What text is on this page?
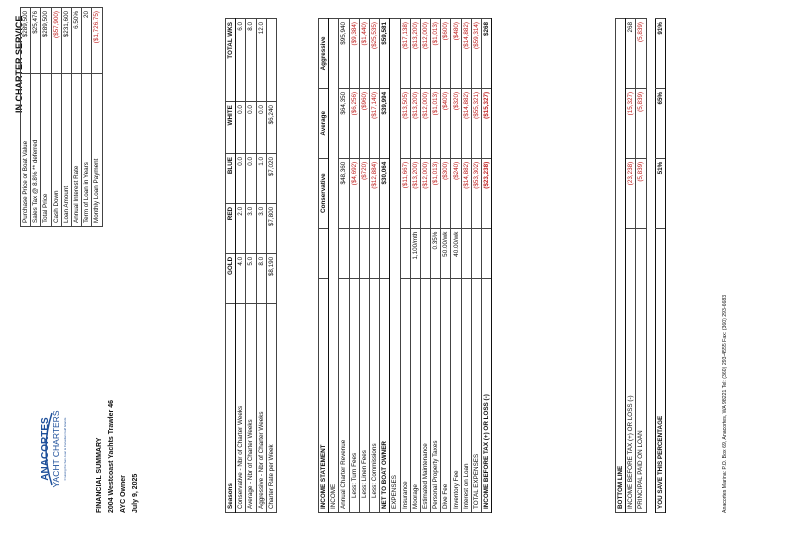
ANACORTES YACHT CHARTERS Cruising the San Juan & Canadian Gulf Islands
IN CHARTER SERVICE
FINANCIAL SUMMARY 2004 Westcoast Yachts Trawler 46 AYC Owner July 9, 2025
Purchase Price or Boat Value	$289,500
Sales Tax @ 8.8% ** deferred	$25,476
Total Price	$289,500
Cash Down	($57,900)
Loan Amount	$231,600
Annual Interest Rate	6.50%
Term of Loan in Years	20
Monthly Loan Payment	($1,726.75)
Seasons	GOLD	RED	BLUE	WHITE	TOTAL WKS
Conservative - Nbr of Charter Weeks	4.0	2.0	0.0	0.0	6.0
Average - Nbr of Charter Weeks	5.0	3.0	0.0	0.0	8.0
Aggressive - Nbr of Charter Weeks	8.0	3.0	1.0	0.0	12.0
Charter Rate per Week	$8,190	$7,800	$7,020	$6,240	
INCOME STATEMENT		Conservative	Average	Aggressive
INCOME				
Annual Charter Revenue		$48,360	$64,350	$95,940
Less: Turn Fees		($4,692)	($6,256)	($9,384)
Less: Linen Fees		($720)	($960)	($1,440)
Less: Commissions		($12,884)	($17,140)	($25,535)
NET TO BOAT OWNER		$30,064	$39,994	$59,581
EXPENSES				
Insurance		($11,667)	($13,505)	($17,138)
Moorage	1,100/mth	($13,200)	($13,200)	($13,200)
Estimated Maintenance		($12,000)	($12,000)	($12,000)
Personal Property Taxes	0.35%	($1,013)	($1,013)	($1,013)
Dive Fee	50.00/wk	($300)	($400)	($600)
Inventory Fee	40.00/wk	($240)	($320)	($480)
Interest on Loan		($14,882)	($14,882)	($14,882)
TOTAL EXPENSES		($53,302)	($55,321)	($59,314)
INCOME BEFORE TAX (+) OR LOSS (-)		($23,238)	($15,327)	$268
BOTTOM LINE			
INCOME BEFORE TAX (+) OR LOSS (-)	(23,238)	(15,327)	268
PRINCIPAL PAID ON LOAN	(5,839)	(5,839)	(5,839)

YOU SAVE THIS PERCENTAGE	51%	65%	91%
Anacortes Marina: P.O. Box 69, Anacortes, WA 98221 Tel: (360) 293-4555 Fax: (360) 293-6683
